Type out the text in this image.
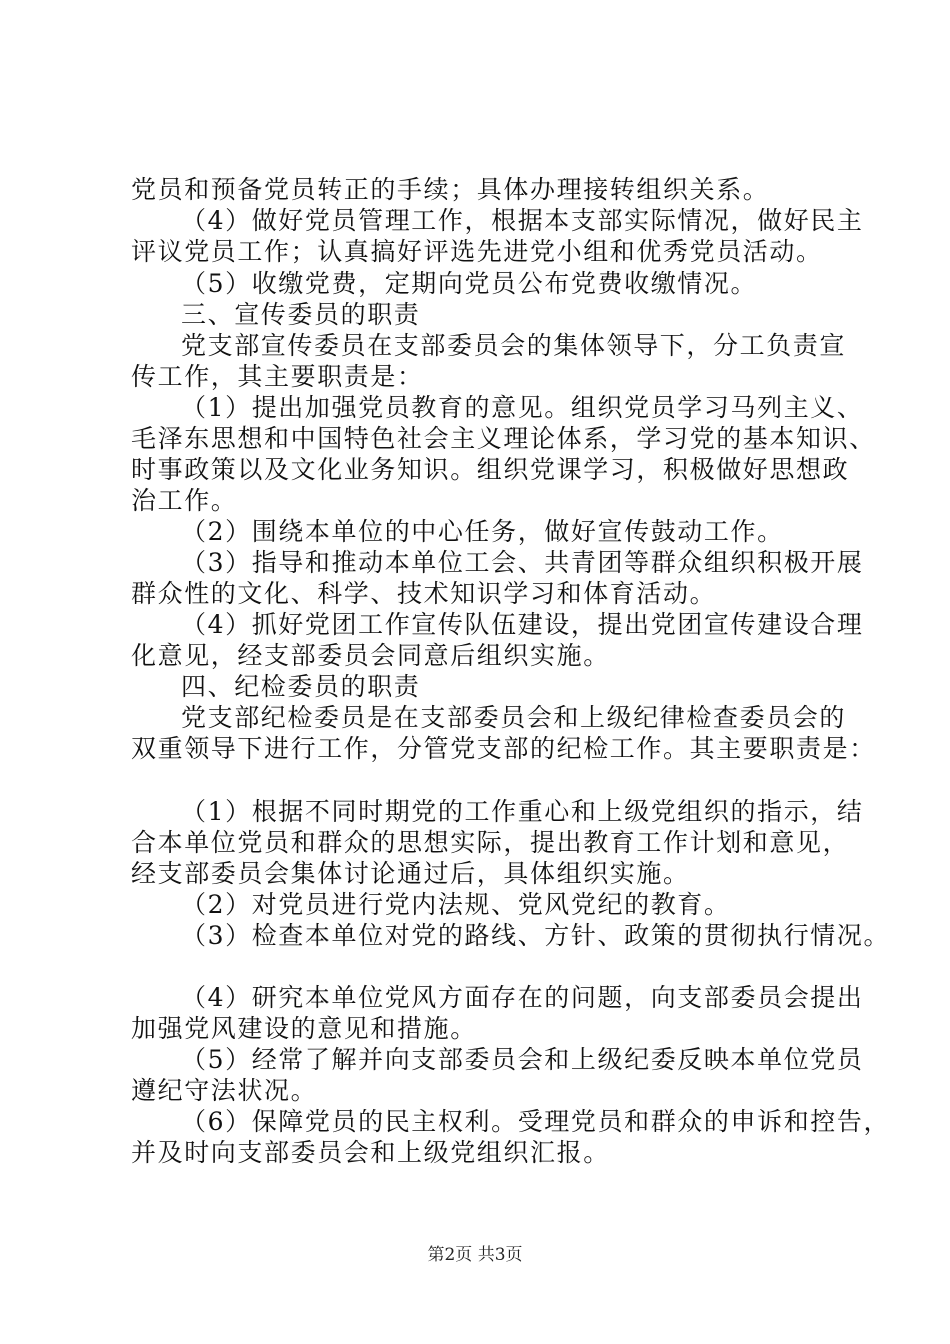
党员和预备党员转正的手续；具体办理接转组织关系。
（4）做好党员管理工作，根据本支部实际情况，做好民主
评议党员工作；认真搞好评选先进党小组和优秀党员活动。
（5）收缴党费，定期向党员公布党费收缴情况。
三、宣传委员的职责
党支部宣传委员在支部委员会的集体领导下，分工负责宣
传工作，其主要职责是：
（1）提出加强党员教育的意见。组织党员学习马列主义、
毛泽东思想和中国特色社会主义理论体系，学习党的基本知识、
时事政策以及文化业务知识。组织党课学习，积极做好思想政
治工作。
（2）围绕本单位的中心任务，做好宣传鼓动工作。
（3）指导和推动本单位工会、共青团等群众组织积极开展
群众性的文化、科学、技术知识学习和体育活动。
（4）抓好党团工作宣传队伍建设，提出党团宣传建设合理
化意见，经支部委员会同意后组织实施。
四、纪检委员的职责
党支部纪检委员是在支部委员会和上级纪律检查委员会的
双重领导下进行工作，分管党支部的纪检工作。其主要职责是：
（1）根据不同时期党的工作重心和上级党组织的指示，结
合本单位党员和群众的思想实际，提出教育工作计划和意见，
经支部委员会集体讨论通过后，具体组织实施。
（2）对党员进行党内法规、党风党纪的教育。
（3）检查本单位对党的路线、方针、政策的贯彻执行情况。
（4）研究本单位党风方面存在的问题，向支部委员会提出
加强党风建设的意见和措施。
（5）经常了解并向支部委员会和上级纪委反映本单位党员
遵纪守法状况。
（6）保障党员的民主权利。受理党员和群众的申诉和控告，
并及时向支部委员会和上级党组织汇报。
第2页 共3页
